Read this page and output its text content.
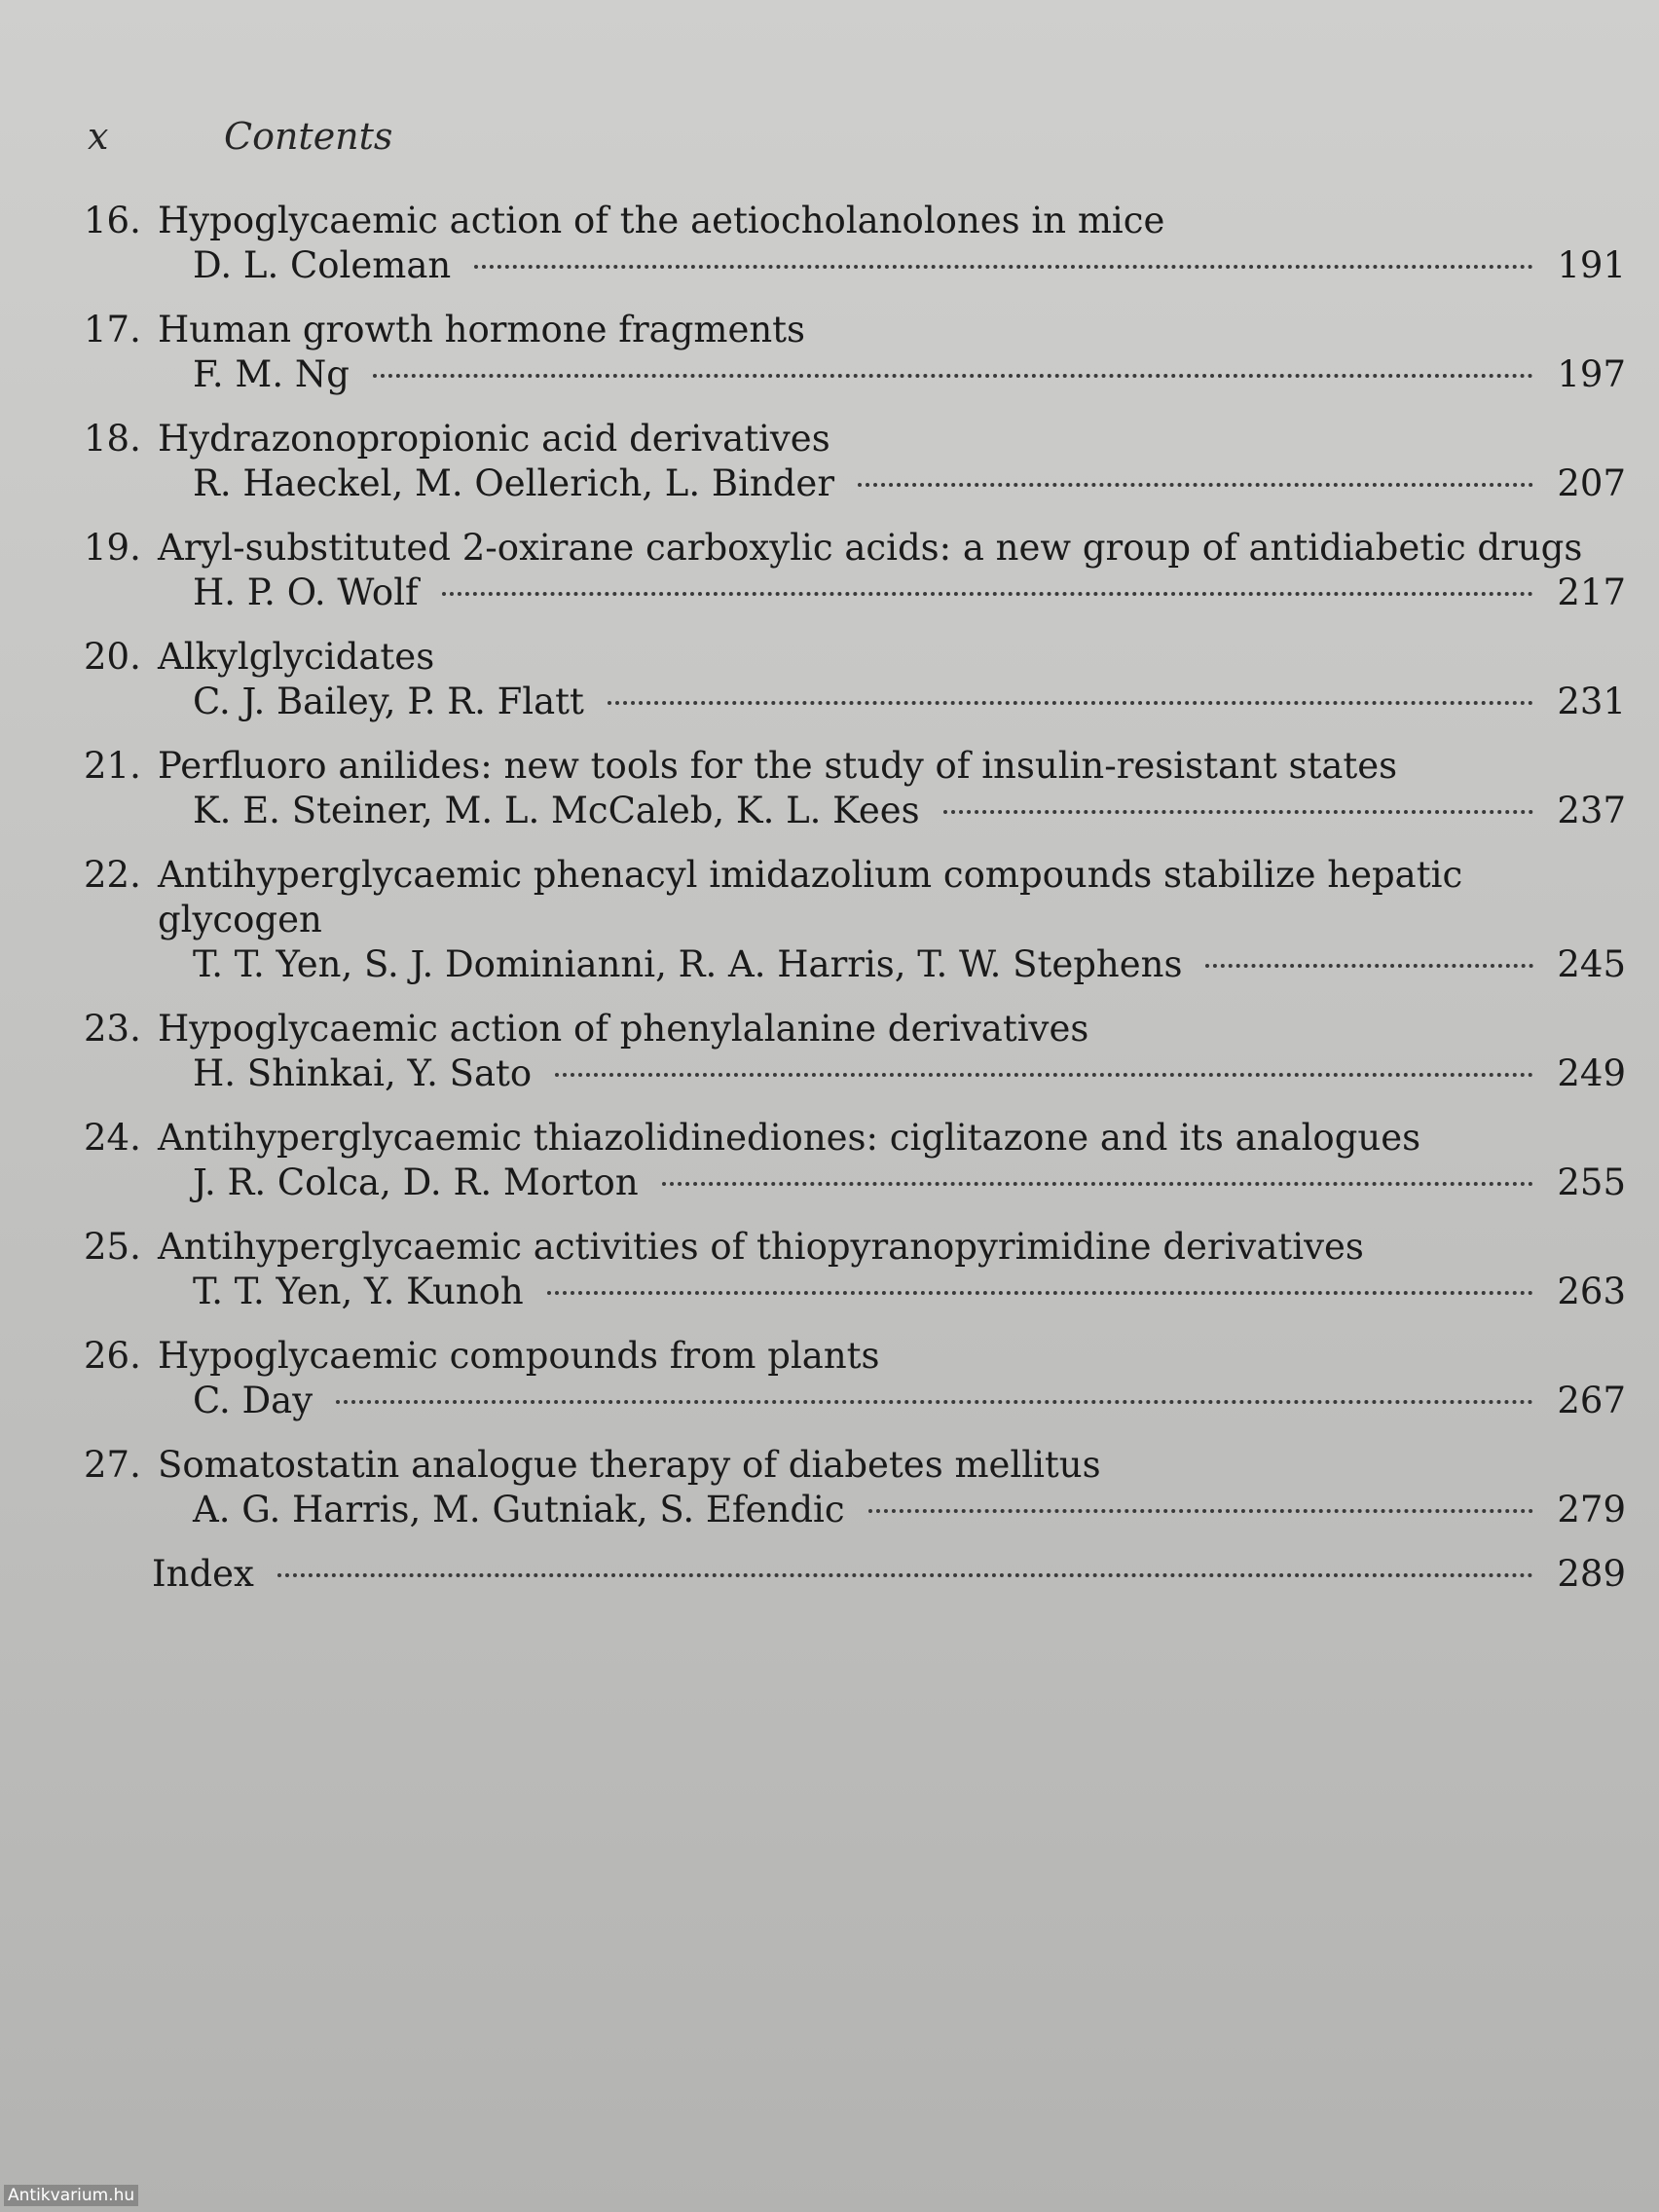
x	Contents
16. Hypoglycaemic action of the aetiocholanolones in mice
D. L. Coleman	191
17. Human growth hormone fragments
F. M. Ng	197
18. Hydrazonopropionic acid derivatives
R. Haeckel, M. Oellerich, L. Binder	207
19. Aryl-substituted 2-oxirane carboxylic acids: a new group of antidiabetic drugs
H. P. O. Wolf	217
20. Alkylglycidates
C. J. Bailey, P. R. Flatt	231
21. Perfluoro anilides: new tools for the study of insulin-resistant states
K. E. Steiner, M. L. McCaleb, K. L. Kees	237
22. Antihyperglycaemic phenacyl imidazolium compounds stabilize hepatic glycogen
T. T. Yen, S. J. Dominianni, R. A. Harris, T. W. Stephens	245
23. Hypoglycaemic action of phenylalanine derivatives
H. Shinkai, Y. Sato	249
24. Antihyperglycaemic thiazolidinediones: ciglitazone and its analogues
J. R. Colca, D. R. Morton	255
25. Antihyperglycaemic activities of thiopyranopyrimidine derivatives
T. T. Yen, Y. Kunoh	263
26. Hypoglycaemic compounds from plants
C. Day	267
27. Somatostatin analogue therapy of diabetes mellitus
A. G. Harris, M. Gutniak, S. Efendic	279
Index	289
Antikvarium.hu
